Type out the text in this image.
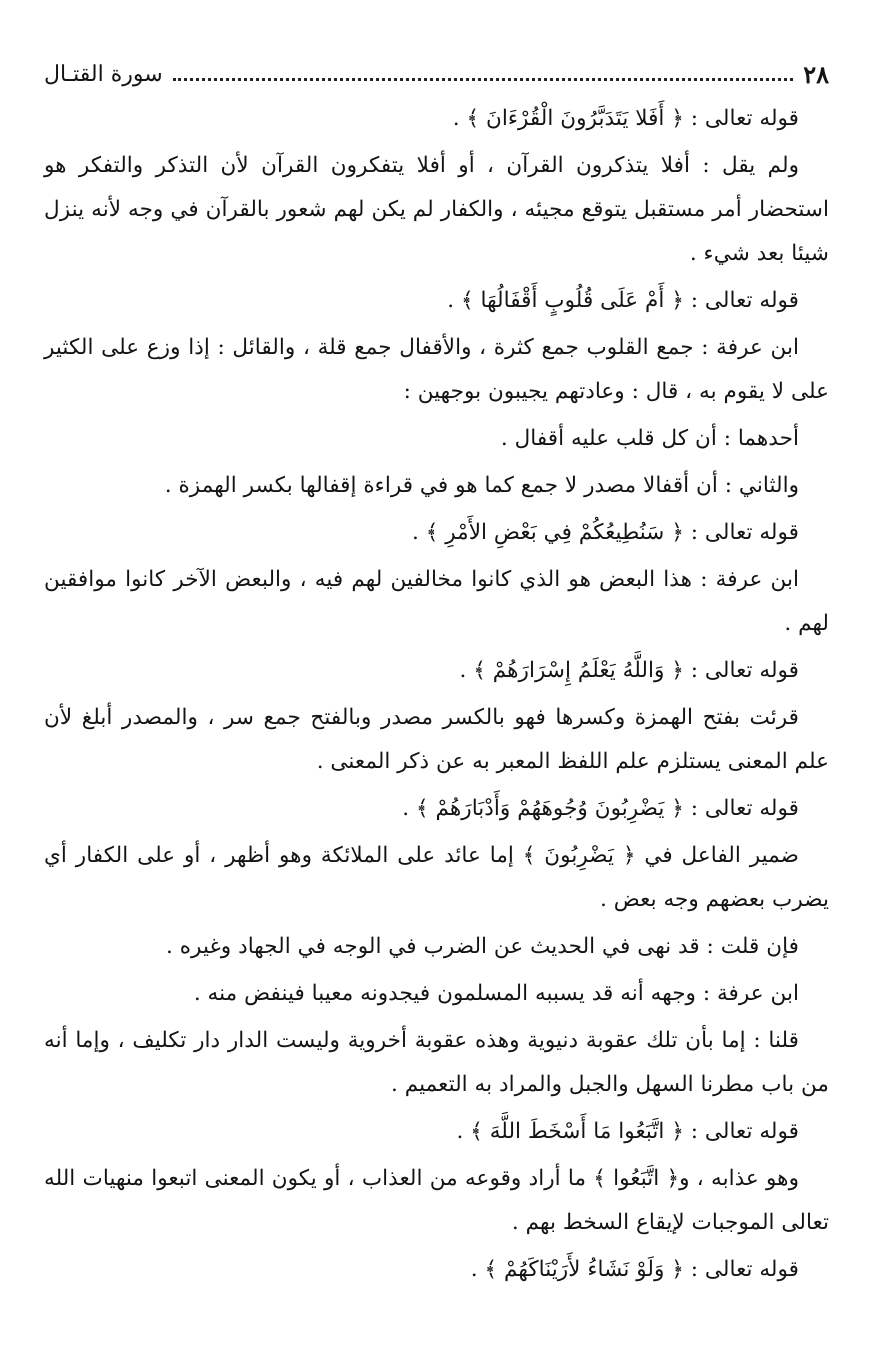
٢٨
سورة القتـال

قوله تعالى : ﴿ أَفَلا يَتَدَبَّرُونَ الْقُرْءَانَ ﴾ .

ولم يقل : أفلا يتذكرون القرآن ، أو أفلا يتفكرون القرآن لأن التذكر والتفكر هو استحضار أمر مستقبل يتوقع مجيئه ، والكفار لم يكن لهم شعور بالقرآن في وجه لأنه ينزل شيئا بعد شيء .

قوله تعالى : ﴿ أَمْ عَلَى قُلُوبٍ أَقْفَالُهَا ﴾ .

ابن عرفة : جمع القلوب جمع كثرة ، والأقفال جمع قلة ، والقائل : إذا وزع على الكثير على لا يقوم به ، قال : وعادتهم يجيبون بوجهين :

أحدهما : أن كل قلب عليه أقفال .

والثاني : أن أقفالا مصدر لا جمع كما هو في قراءة إقفالها بكسر الهمزة .

قوله تعالى : ﴿ سَنُطِيعُكُمْ فِي بَعْضِ الأَمْرِ ﴾ .

ابن عرفة : هذا البعض هو الذي كانوا مخالفين لهم فيه ، والبعض الآخر كانوا موافقين لهم .

قوله تعالى : ﴿ وَاللَّهُ يَعْلَمُ إِسْرَارَهُمْ ﴾ .

قرئت بفتح الهمزة وكسرها فهو بالكسر مصدر وبالفتح جمع سر ، والمصدر أبلغ لأن علم المعنى يستلزم علم اللفظ المعبر به عن ذكر المعنى .

قوله تعالى : ﴿ يَضْرِبُونَ وُجُوهَهُمْ وَأَدْبَارَهُمْ ﴾ .

ضمير الفاعل في ﴿ يَضْرِبُونَ ﴾ إما عائد على الملائكة وهو أظهر ، أو على الكفار أي يضرب بعضهم وجه بعض .

فإن قلت : قد نهى في الحديث عن الضرب في الوجه في الجهاد وغيره .

ابن عرفة : وجهه أنه قد يسببه المسلمون فيجدونه معيبا فينفض منه .

قلنا : إما بأن تلك عقوبة دنيوية وهذه عقوبة أخروية وليست الدار دار تكليف ، وإما أنه من باب مطرنا السهل والجبل والمراد به التعميم .

قوله تعالى : ﴿ اتَّبَعُوا مَا أَسْخَطَ اللَّهَ ﴾ .

وهو عذابه ، و﴿ اتَّبَعُوا ﴾ ما أراد وقوعه من العذاب ، أو يكون المعنى اتبعوا منهيات الله تعالى الموجبات لإيقاع السخط بهم .

قوله تعالى : ﴿ وَلَوْ نَشَاءُ لأَرَيْنَاكَهُمْ ﴾ .
